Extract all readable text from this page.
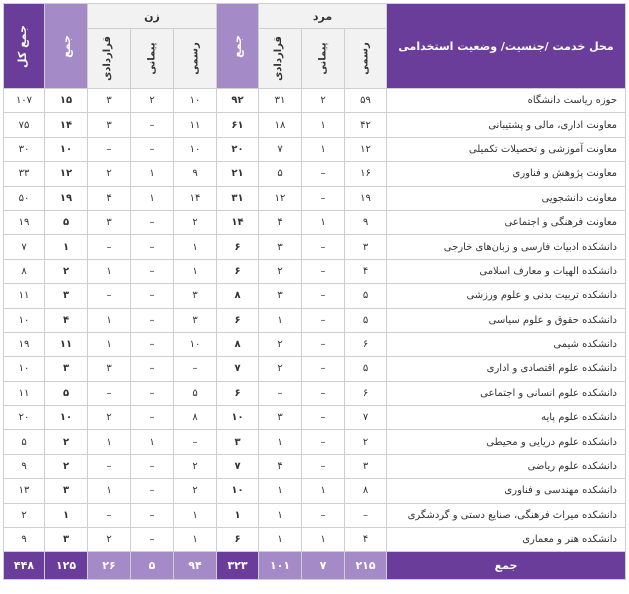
محل خدمت /جنسیت/ وضعیت استخدامی	مرد			جمع	زن			جمع	جمع کل
	رسمی	پیمانی	قراردادی		رسمی	پیمانی	قراردادی		
حوزه ریاست دانشگاه	۵۹	۲	۳۱	۹۲	۱۰	۲	۳	۱۵	۱۰۷
معاونت اداری، مالی و پشتیبانی	۴۲	۱	۱۸	۶۱	۱۱	–	۳	۱۴	۷۵
معاونت آموزشی و تحصیلات تکمیلی	۱۲	۱	۷	۲۰	۱۰	–	–	۱۰	۳۰
معاونت پژوهش و فناوری	۱۶	–	۵	۲۱	۹	۱	۲	۱۲	۳۳
معاونت دانشجویی	۱۹	–	۱۲	۳۱	۱۴	۱	۴	۱۹	۵۰
معاونت فرهنگی و اجتماعی	۹	۱	۴	۱۴	۲	–	۳	۵	۱۹
دانشکده ادبیات فارسی و زبان‌های خارجی	۳	–	۳	۶	۱	–	–	۱	۷
دانشکده الهیات و معارف اسلامی	۴	–	۲	۶	۱	–	۱	۲	۸
دانشکده تربیت بدنی و علوم ورزشی	۵	–	۳	۸	۳	–	–	۳	۱۱
دانشکده حقوق و علوم سیاسی	۵	–	۱	۶	۳	–	۱	۴	۱۰
دانشکده شیمی	۶	–	۲	۸	۱۰	–	۱	۱۱	۱۹
دانشکده علوم اقتصادی و اداری	۵	–	۲	۷	–	–	۳	۳	۱۰
دانشکده علوم انسانی و اجتماعی	۶	–	–	۶	۵	–	–	۵	۱۱
دانشکده علوم پایه	۷	–	۳	۱۰	۸	–	۲	۱۰	۲۰
دانشکده علوم دریایی و محیطی	۲	–	۱	۳	–	۱	۱	۲	۵
دانشکده علوم ریاضی	۳	–	۴	۷	۲	–	–	۲	۹
دانشکده مهندسی و فناوری	۸	۱	۱	۱۰	۲	–	۱	۳	۱۳
دانشکده میراث فرهنگی، صنایع دستی و گردشگری	–	–	۱	۱	۱	–	–	۱	۲
دانشکده هنر و معماری	۴	۱	۱	۶	۱	–	۲	۳	۹
جمع	۲۱۵	۷	۱۰۱	۳۲۳	۹۴	۵	۲۶	۱۲۵	۴۴۸
